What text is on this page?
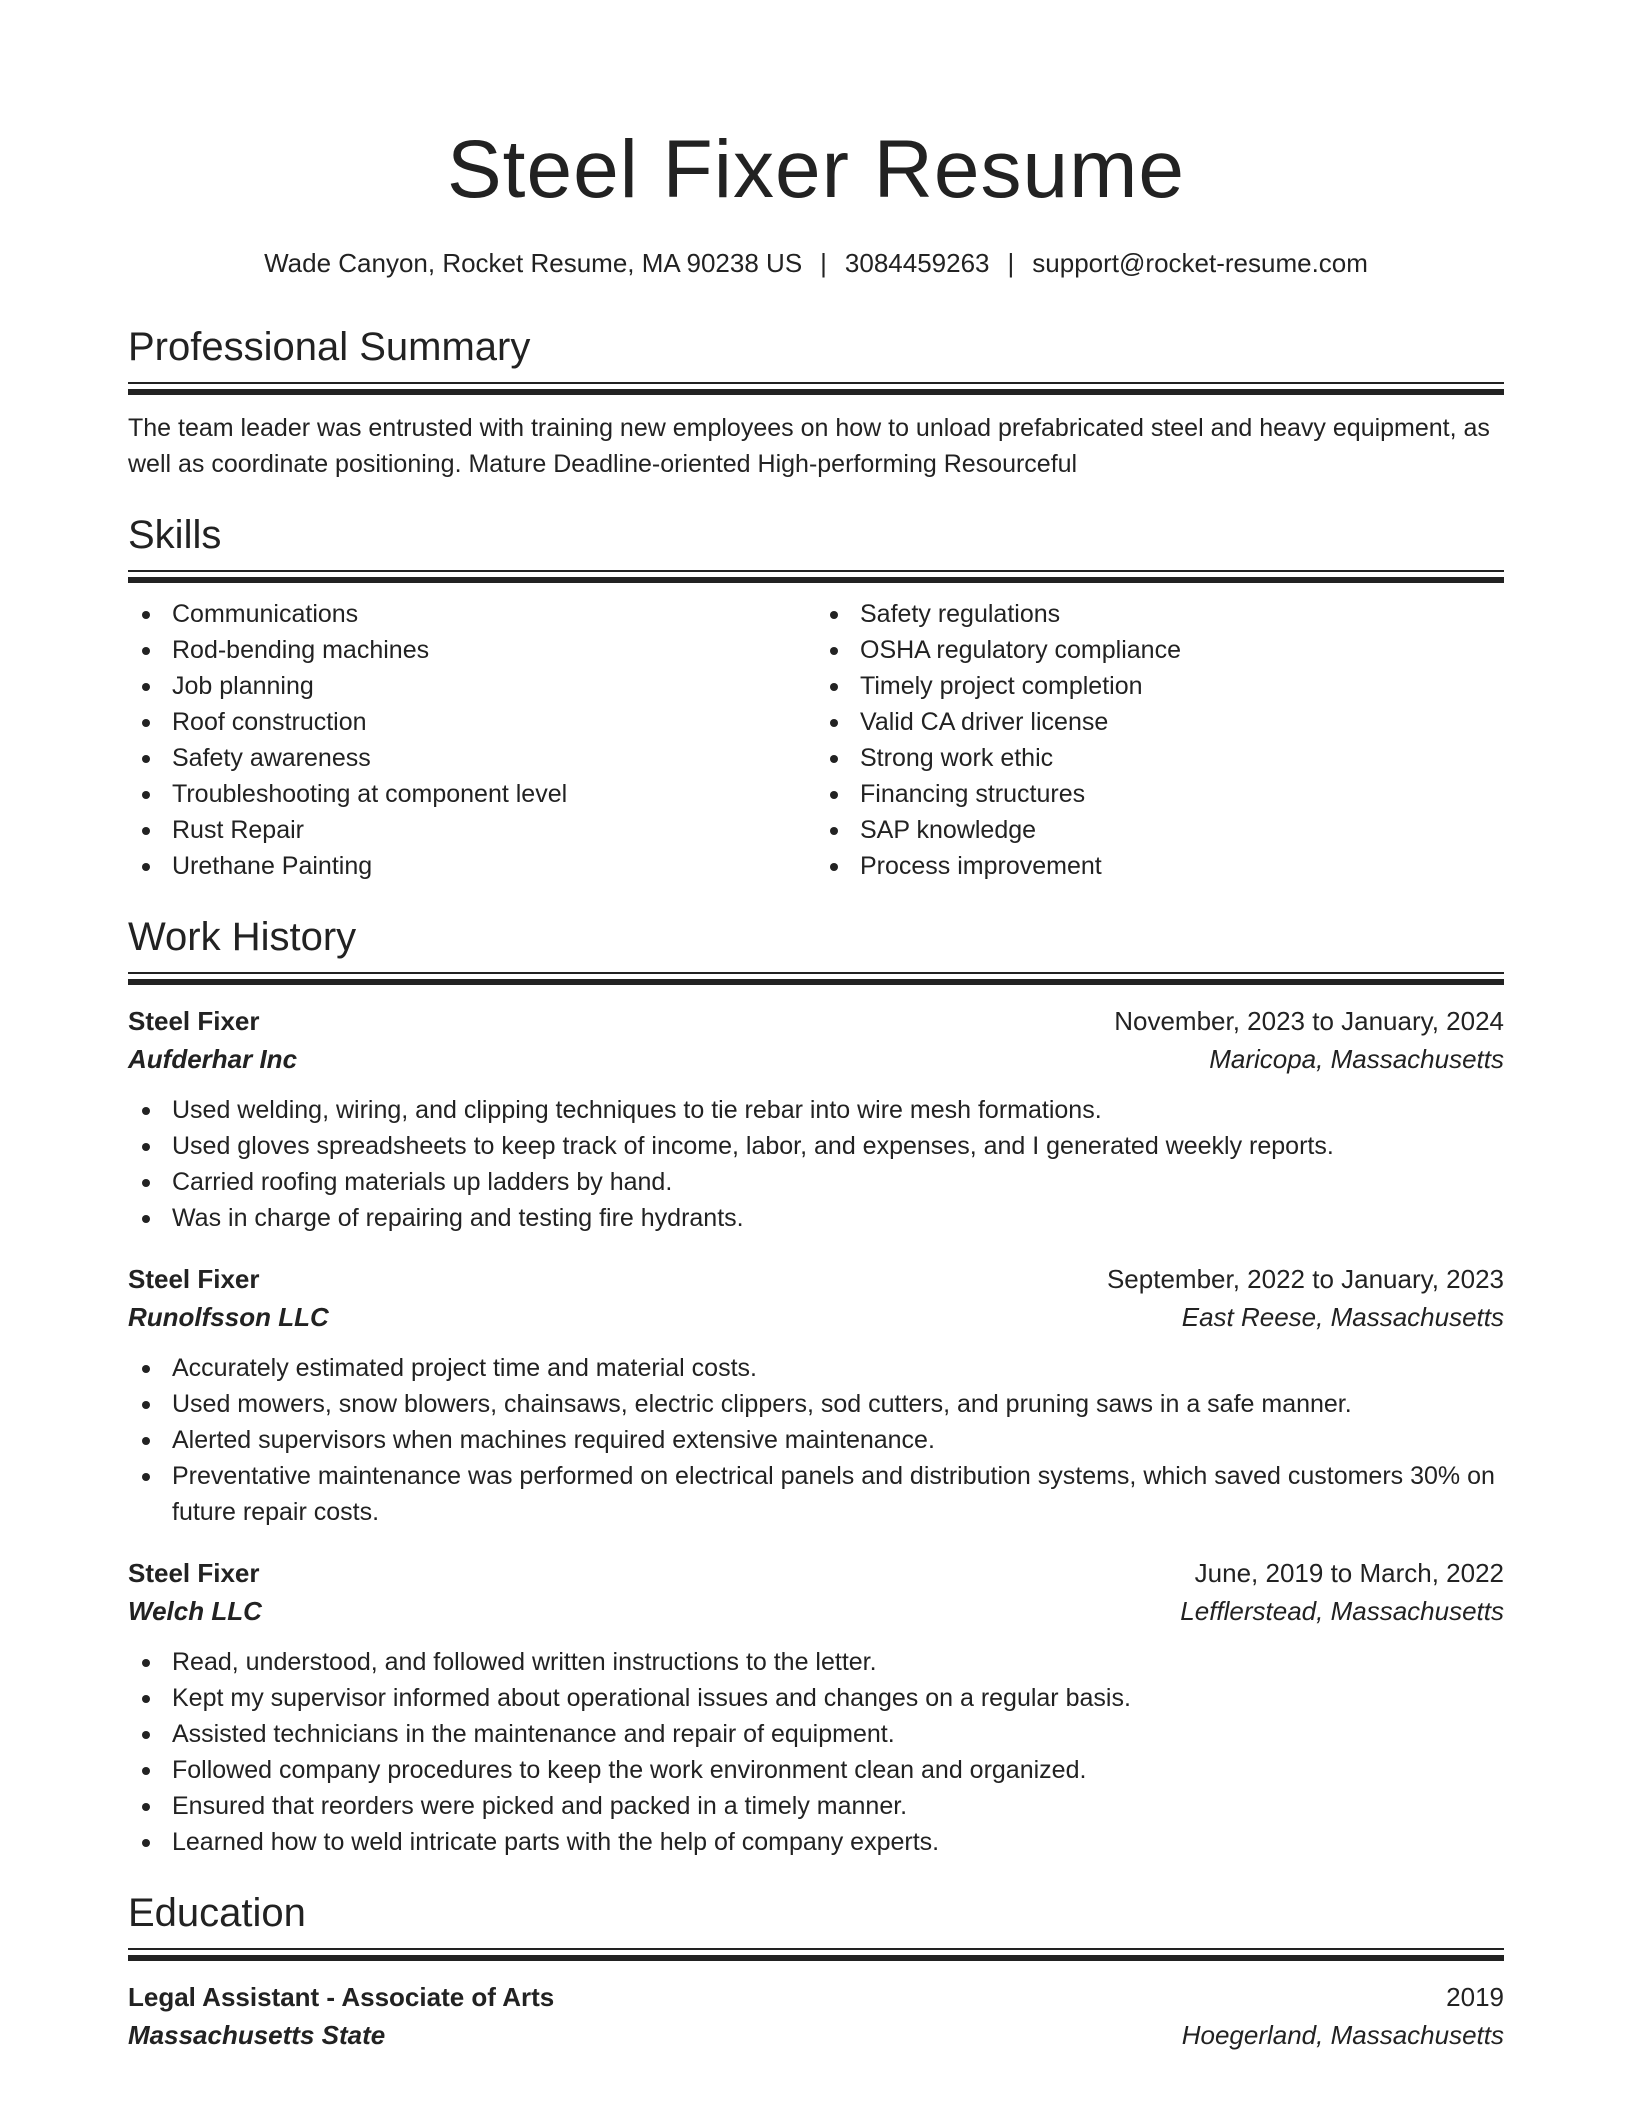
Steel Fixer Resume
Wade Canyon, Rocket Resume, MA 90238 US | 3084459263 | support@rocket-resume.com
Professional Summary

The team leader was entrusted with training new employees on how to unload prefabricated steel and heavy equipment, as well as coordinate positioning. Mature Deadline-oriented High-performing Resourceful

Skills
Communications
Rod-bending machines
Job planning
Roof construction
Safety awareness
Troubleshooting at component level
Rust Repair
Urethane Painting
Safety regulations
OSHA regulatory compliance
Timely project completion
Valid CA driver license
Strong work ethic
Financing structures
SAP knowledge
Process improvement
Work History
Steel Fixer	November, 2023 to January, 2024
Aufderhar Inc	Maricopa, Massachusetts
Used welding, wiring, and clipping techniques to tie rebar into wire mesh formations.
Used gloves spreadsheets to keep track of income, labor, and expenses, and I generated weekly reports.
Carried roofing materials up ladders by hand.
Was in charge of repairing and testing fire hydrants.
Steel Fixer	September, 2022 to January, 2023
Runolfsson LLC	East Reese, Massachusetts
Accurately estimated project time and material costs.
Used mowers, snow blowers, chainsaws, electric clippers, sod cutters, and pruning saws in a safe manner.
Alerted supervisors when machines required extensive maintenance.
Preventative maintenance was performed on electrical panels and distribution systems, which saved customers 30% on future repair costs.
Steel Fixer	June, 2019 to March, 2022
Welch LLC	Lefflerstead, Massachusetts
Read, understood, and followed written instructions to the letter.
Kept my supervisor informed about operational issues and changes on a regular basis.
Assisted technicians in the maintenance and repair of equipment.
Followed company procedures to keep the work environment clean and organized.
Ensured that reorders were picked and packed in a timely manner.
Learned how to weld intricate parts with the help of company experts.
Education
Legal Assistant - Associate of Arts	2019
Massachusetts State	Hoegerland, Massachusetts
